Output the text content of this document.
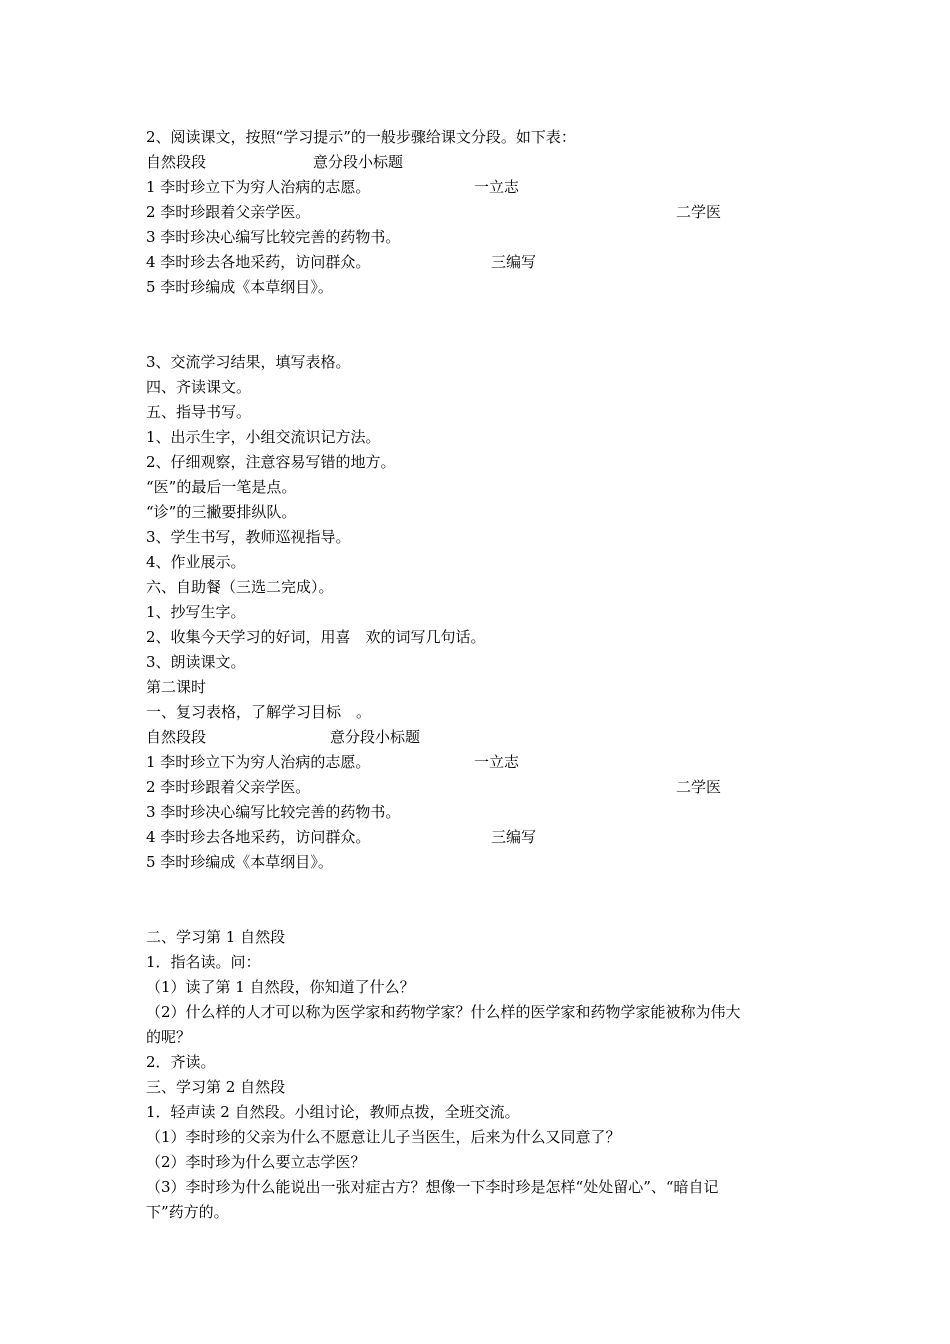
2、阅读课文，按照“学习提示”的一般步骤给课文分段。如下表：
自然段段	意分段小标题
1 李时珍立下为穷人治病的志愿。	一立志
2 李时珍跟着父亲学医。	二学医
3 李时珍决心编写比较完善的药物书。
4 李时珍去各地采药，访问群众。	三编写
5 李时珍编成《本草纲目》。
3、交流学习结果，填写表格。
四、齐读课文。
五、指导书写。
1、出示生字，小组交流识记方法。
2、仔细观察，注意容易写错的地方。
“医”的最后一笔是点。
“诊”的三撇要排纵队。
3、学生书写，教师巡视指导。
4、作业展示。
六、自助餐（三选二完成）。
1、抄写生字。
2、收集今天学习的好词，用喜　欢的词写几句话。
3、朗读课文。
第二课时
一、复习表格，了解学习目标　。
自然段段	意分段小标题
1 李时珍立下为穷人治病的志愿。	一立志
2 李时珍跟着父亲学医。	二学医
3 李时珍决心编写比较完善的药物书。
4 李时珍去各地采药，访问群众。	三编写
5 李时珍编成《本草纲目》。
二、学习第 1 自然段
1．指名读。问：
（1）读了第 1 自然段，你知道了什么？
（2）什么样的人才可以称为医学家和药物学家？什么样的医学家和药物学家能被称为伟大
的呢？
2．齐读。
三、学习第 2 自然段
1．轻声读 2 自然段。小组讨论，教师点拨，全班交流。
（1）李时珍的父亲为什么不愿意让儿子当医生，后来为什么又同意了？
（2）李时珍为什么要立志学医？
（3）李时珍为什么能说出一张对症古方？想像一下李时珍是怎样“处处留心”、“暗自记
下”药方的。
